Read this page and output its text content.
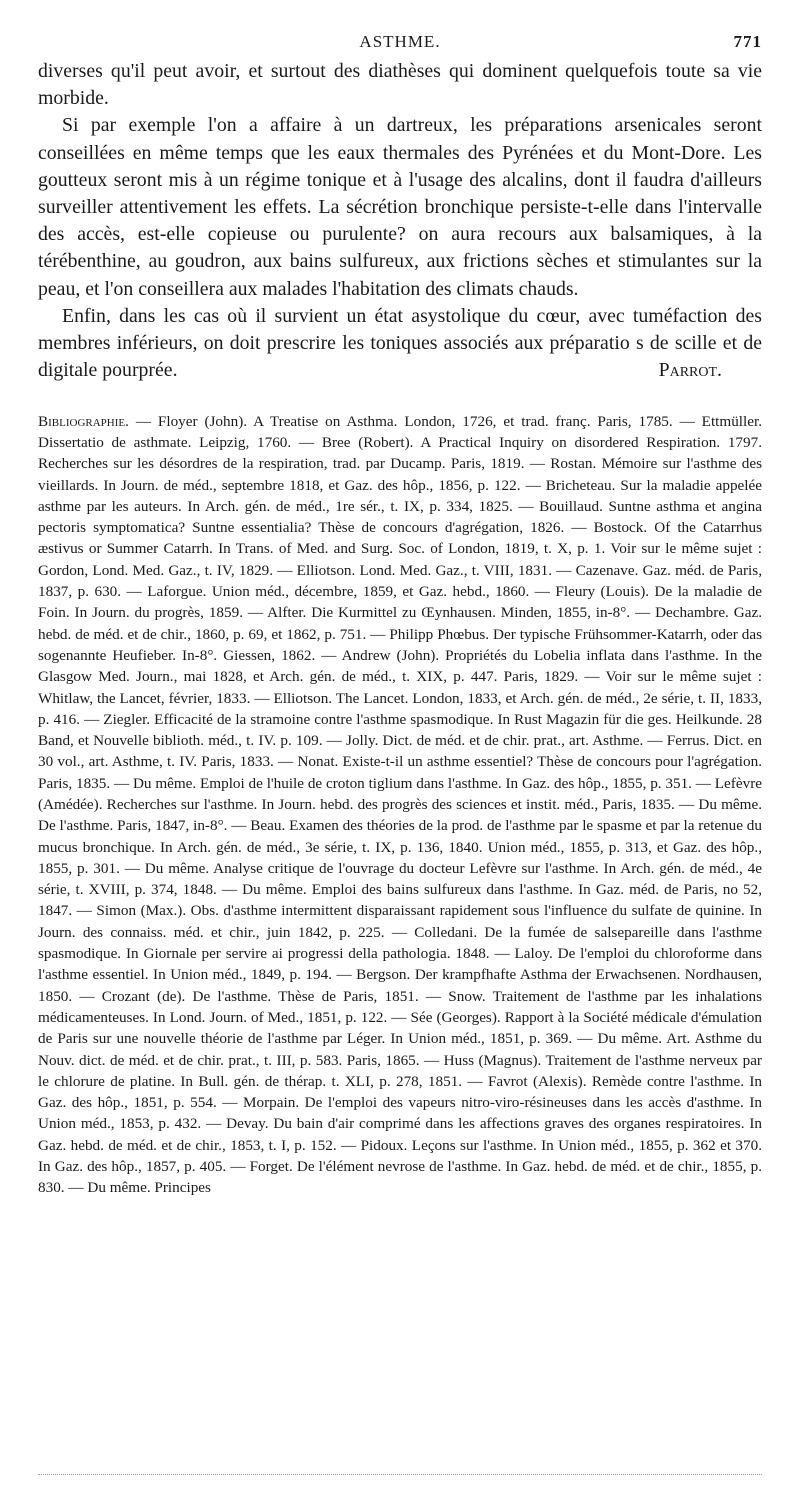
ASTHME.	771

diverses qu'il peut avoir, et surtout des diathèses qui dominent quelquefois toute sa vie morbide.

Si par exemple l'on a affaire à un dartreux, les préparations arsenicales seront conseillées en même temps que les eaux thermales des Pyrénées et du Mont-Dore. Les goutteux seront mis à un régime tonique et à l'usage des alcalins, dont il faudra d'ailleurs surveiller attentivement les effets. La sécrétion bronchique persiste-t-elle dans l'intervalle des accès, est-elle copieuse ou purulente? on aura recours aux balsamiques, à la térébenthine, au goudron, aux bains sulfureux, aux frictions sèches et stimulantes sur la peau, et l'on conseillera aux malades l'habitation des climats chauds.

Enfin, dans les cas où il survient un état asystolique du cœur, avec tuméfaction des membres inférieurs, on doit prescrire les toniques associés aux préparatio s de scille et de digitale pourprée.	Parrot.
Bibliographie. — Floyer (John). A Treatise on Asthma. London, 1726, et trad. franç. Paris, 1785. — Ettmüller. Dissertatio de asthmate. Leipzig, 1760. — Bree (Robert). A Practical Inquiry on disordered Respiration. 1797. Recherches sur les désordres de la respiration, trad. par Ducamp. Paris, 1819. — Rostan. Mémoire sur l'asthme des vieillards. In Journ. de méd., septembre 1818, et Gaz. des hôp., 1856, p. 122. — Bricheteau. Sur la maladie appelée asthme par les auteurs. In Arch. gén. de méd., 1re sér., t. IX, p. 334, 1825. — Bouillaud. Suntne asthma et angina pectoris symptomatica? Suntne essentialia? Thèse de concours d'agrégation, 1826. — Bostock. Of the Catarrhus æstivus or Summer Catarrh. In Trans. of Med. and Surg. Soc. of London, 1819, t. X, p. 1. Voir sur le même sujet : Gordon, Lond. Med. Gaz., t. IV, 1829. — Elliotson. Lond. Med. Gaz., t. VIII, 1831. — Cazenave. Gaz. méd. de Paris, 1837, p. 630. — Laforgue. Union méd., décembre, 1859, et Gaz. hebd., 1860. — Fleury (Louis). De la maladie de Foin. In Journ. du progrès, 1859. — Alfter. Die Kurmittel zu Œynhausen. Minden, 1855, in-8°. — Dechambre. Gaz. hebd. de méd. et de chir., 1860, p. 69, et 1862, p. 751. — Philipp Phœbus. Der typische Frühsommer-Katarrh, oder das sogenannte Heufieber. In-8°. Giessen, 1862. — Andrew (John). Propriétés du Lobelia inflata dans l'asthme. In the Glasgow Med. Journ., mai 1828, et Arch. gén. de méd., t. XIX, p. 447. Paris, 1829. — Voir sur le même sujet : Whitlaw, the Lancet, février, 1833. — Elliotson. The Lancet. London, 1833, et Arch. gén. de méd., 2e série, t. II, 1833, p. 416. — Ziegler. Efficacité de la stramoine contre l'asthme spasmodique. In Rust Magazin für die ges. Heilkunde. 28 Band, et Nouvelle biblioth. méd., t. IV. p. 109. — Jolly. Dict. de méd. et de chir. prat., art. Asthme. — Ferrus. Dict. en 30 vol., art. Asthme, t. IV. Paris, 1833. — Nonat. Existe-t-il un asthme essentiel? Thèse de concours pour l'agrégation. Paris, 1835. — Du même. Emploi de l'huile de croton tiglium dans l'asthme. In Gaz. des hôp., 1855, p. 351. — Lefèvre (Amédée). Recherches sur l'asthme. In Journ. hebd. des progrès des sciences et instit. méd., Paris, 1835. — Du même. De l'asthme. Paris, 1847, in-8°. — Beau. Examen des théories de la prod. de l'asthme par le spasme et par la retenue du mucus bronchique. In Arch. gén. de méd., 3e série, t. IX, p. 136, 1840. Union méd., 1855, p. 313, et Gaz. des hôp., 1855, p. 301. — Du même. Analyse critique de l'ouvrage du docteur Lefèvre sur l'asthme. In Arch. gén. de méd., 4e série, t. XVIII, p. 374, 1848. — Du même. Emploi des bains sulfureux dans l'asthme. In Gaz. méd. de Paris, no 52, 1847. — Simon (Max.). Obs. d'asthme intermittent disparaissant rapidement sous l'influence du sulfate de quinine. In Journ. des connaiss. méd. et chir., juin 1842, p. 225. — Colledani. De la fumée de salsepareille dans l'asthme spasmodique. In Giornale per servire ai progressi della pathologia. 1848. — Laloy. De l'emploi du chloroforme dans l'asthme essentiel. In Union méd., 1849, p. 194. — Bergson. Der krampfhafte Asthma der Erwachsenen. Nordhausen, 1850. — Crozant (de). De l'asthme. Thèse de Paris, 1851. — Snow. Traitement de l'asthme par les inhalations médicamenteuses. In Lond. Journ. of Med., 1851, p. 122. — Sée (Georges). Rapport à la Société médicale d'émulation de Paris sur une nouvelle théorie de l'asthme par Léger. In Union méd., 1851, p. 369. — Du même. Art. Asthme du Nouv. dict. de méd. et de chir. prat., t. III, p. 583. Paris, 1865. — Huss (Magnus). Traitement de l'asthme nerveux par le chlorure de platine. In Bull. gén. de thérap. t. XLI, p. 278, 1851. — Favrot (Alexis). Remède contre l'asthme. In Gaz. des hôp., 1851, p. 554. — Morpain. De l'emploi des vapeurs nitro-viro-résineuses dans les accès d'asthme. In Union méd., 1853, p. 432. — Devay. Du bain d'air comprimé dans les affections graves des organes respiratoires. In Gaz. hebd. de méd. et de chir., 1853, t. I, p. 152. — Pidoux. Leçons sur l'asthme. In Union méd., 1855, p. 362 et 370. In Gaz. des hôp., 1857, p. 405. — Forget. De l'élément nevrose de l'asthme. In Gaz. hebd. de méd. et de chir., 1855, p. 830. — Du même. Principes
